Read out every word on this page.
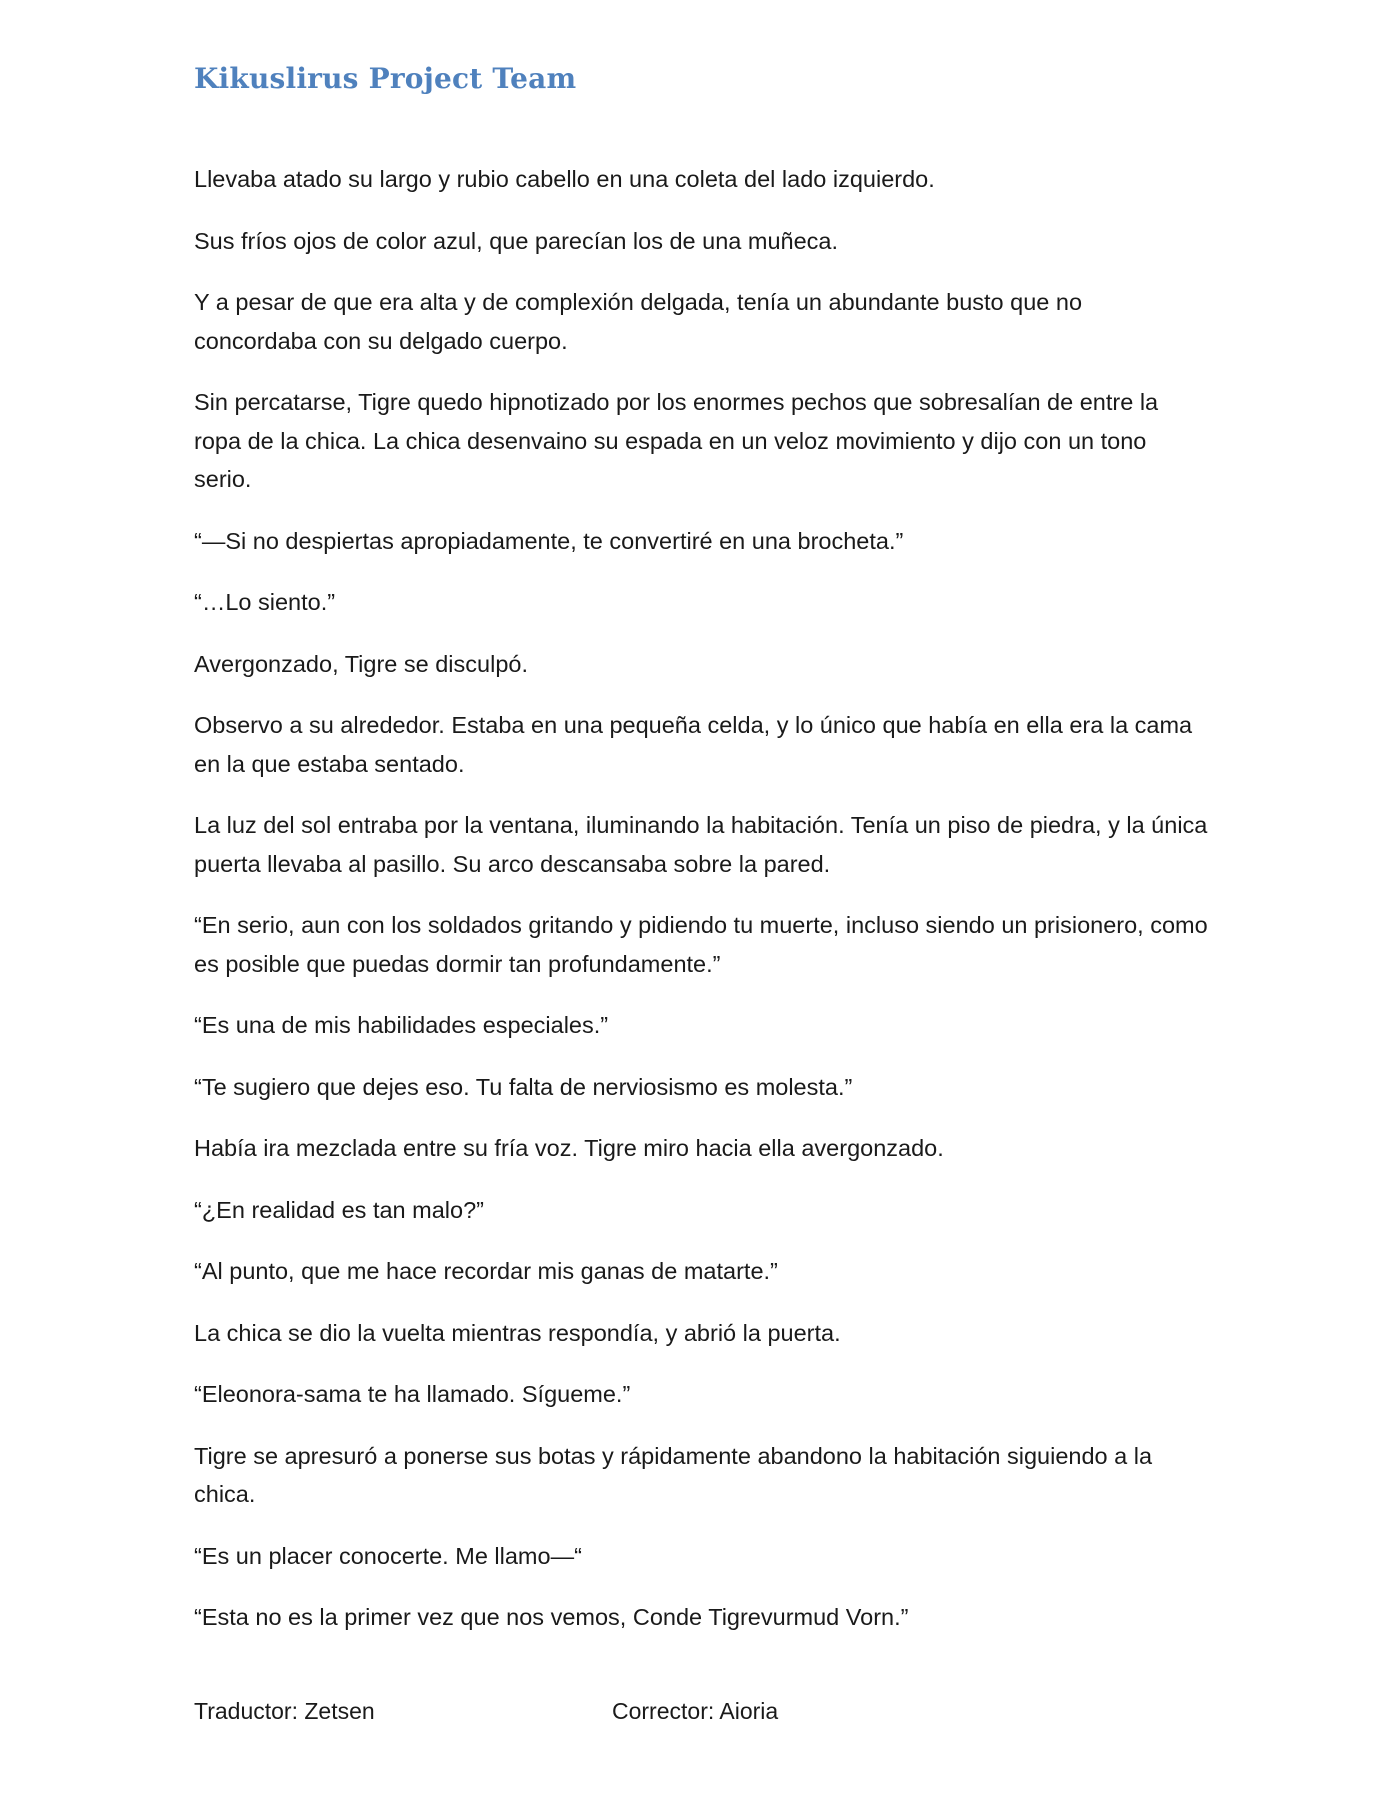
Kikuslirus Project Team

Llevaba atado su largo y rubio cabello en una coleta del lado izquierdo.

Sus fríos ojos de color azul, que parecían los de una muñeca.

Y a pesar de que era alta y de complexión delgada, tenía un abundante busto que no concordaba con su delgado cuerpo.

Sin percatarse, Tigre quedo hipnotizado por los enormes pechos que sobresalían de entre la ropa de la chica. La chica desenvaino su espada en un veloz movimiento y dijo con un tono serio.

“—Si no despiertas apropiadamente, te convertiré en una brocheta.”

“…Lo siento.”

Avergonzado, Tigre se disculpó.

Observo a su alrededor. Estaba en una pequeña celda, y lo único que había en ella era la cama en la que estaba sentado.

La luz del sol entraba por la ventana, iluminando la habitación. Tenía un piso de piedra, y la única puerta llevaba al pasillo. Su arco descansaba sobre la pared.

“En serio, aun con los soldados gritando y pidiendo tu muerte, incluso siendo un prisionero, como es posible que puedas dormir tan profundamente.”

“Es una de mis habilidades especiales.”

“Te sugiero que dejes eso. Tu falta de nerviosismo es molesta.”

Había ira mezclada entre su fría voz. Tigre miro hacia ella avergonzado.

“¿En realidad es tan malo?”

“Al punto, que me hace recordar mis ganas de matarte.”

La chica se dio la vuelta mientras respondía, y abrió la puerta.

“Eleonora-sama te ha llamado. Sígueme.”

Tigre se apresuró a ponerse sus botas y rápidamente abandono la habitación siguiendo a la chica.

“Es un placer conocerte. Me llamo—“

“Esta no es la primer vez que nos vemos, Conde Tigrevurmud Vorn.”

Traductor: Zetsen	Corrector: Aioria
